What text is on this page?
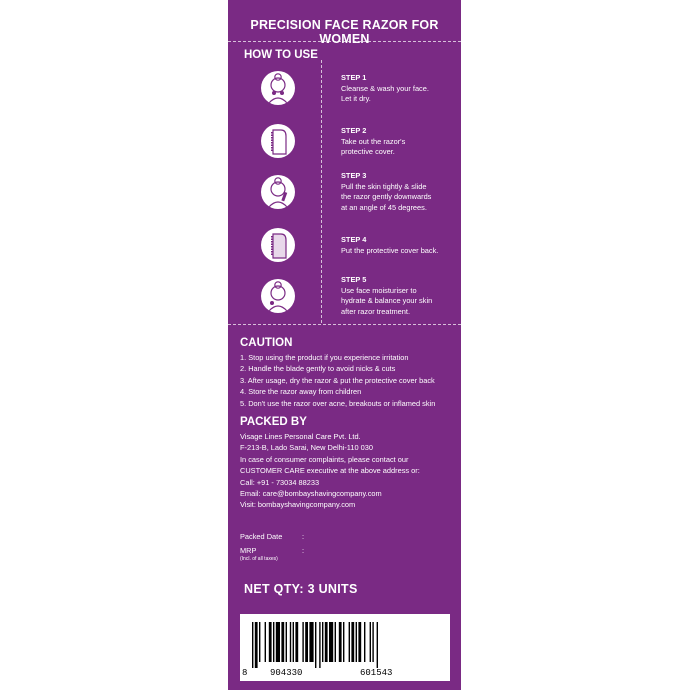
PRECISION FACE RAZOR FOR WOMEN
HOW TO USE
STEP 1
Cleanse & wash your face.
Let it dry.
STEP 2
Take out the razor's
protective cover.
STEP 3
Pull the skin tightly & slide
the razor gently downwards
at an angle of 45 degrees.
STEP 4
Put the protective cover back.
STEP 5
Use face moisturiser to
hydrate & balance your skin
after razor treatment.
CAUTION
1. Stop using the product if you experience irritation
2. Handle the blade gently to avoid nicks & cuts
3. After usage, dry the razor & put the protective cover back
4. Store the razor away from children
5. Don't use the razor over acne, breakouts or inflamed skin
PACKED BY
Visage Lines Personal Care Pvt. Ltd.
F-213-B, Lado Sarai, New Delhi-110 030
In case of consumer complaints, please contact our
CUSTOMER CARE executive at the above address or:
Call: +91 - 73034 88233
Email: care@bombayshavingcompany.com
Visit: bombayshavingcompany.com
Packed Date	:
MRP	:
(Incl. of all taxes)
NET QTY: 3 UNITS
8	904330	601543
